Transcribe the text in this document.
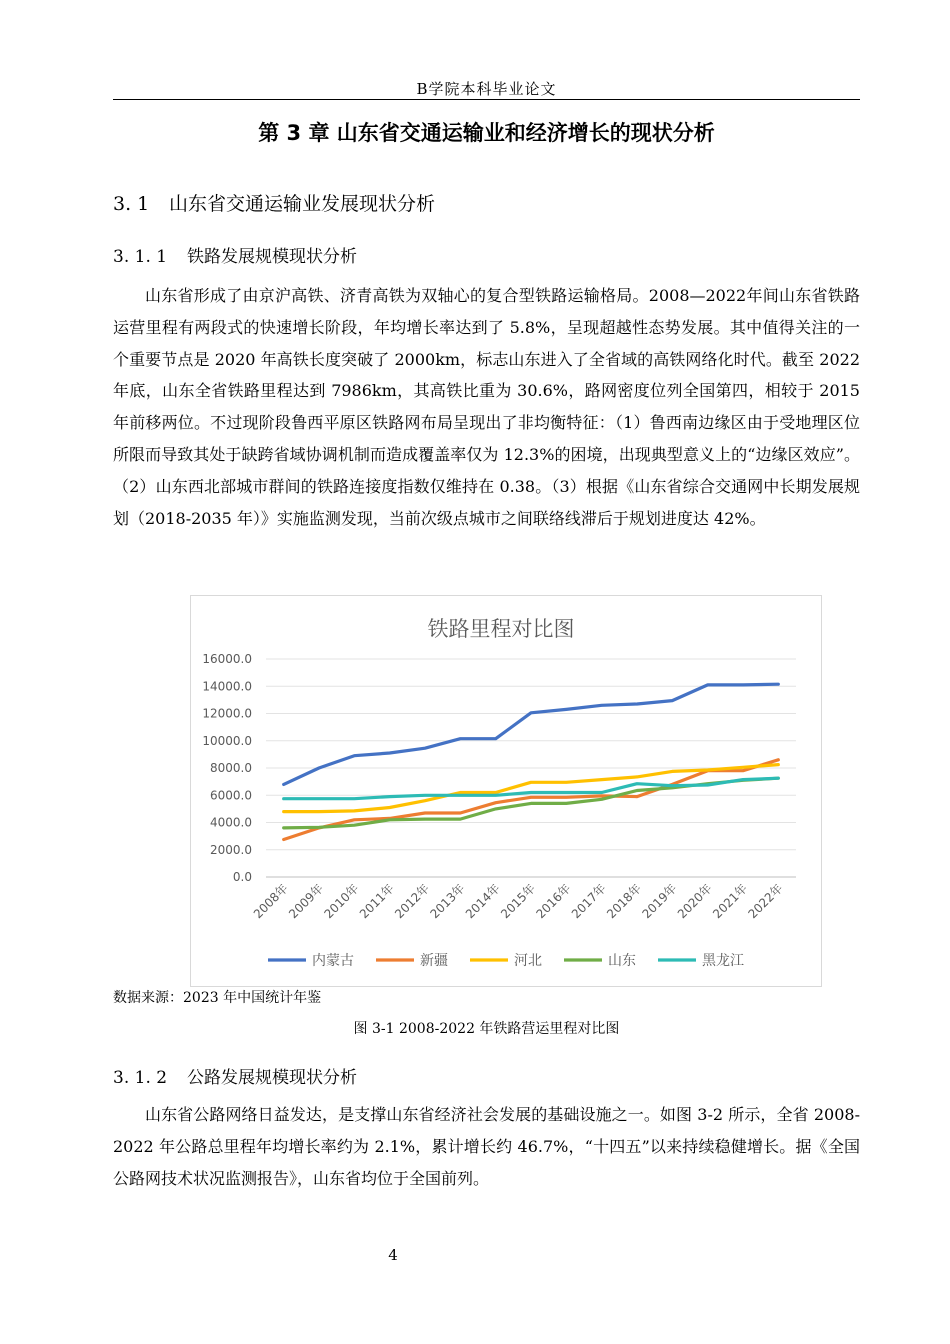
B学院本科毕业论文
第 3 章 山东省交通运输业和经济增长的现状分析
3. 1 山东省交通运输业发展现状分析
3. 1. 1 铁路发展规模现状分析

山东省形成了由京沪高铁、济青高铁为双轴心的复合型铁路运输格局。2008—2022年间山东省铁路运营里程有两段式的快速增长阶段，年均增长率达到了 5.8%，呈现超越性态势发展。其中值得关注的一个重要节点是 2020 年高铁长度突破了 2000km，标志山东进入了全省域的高铁网络化时代。截至 2022 年底，山东全省铁路里程达到 7986km，其高铁比重为 30.6%，路网密度位列全国第四，相较于 2015 年前移两位。不过现阶段鲁西平原区铁路网布局呈现出了非均衡特征：（1）鲁西南边缘区由于受地理区位所限而导致其处于缺跨省域协调机制而造成覆盖率仅为 12.3%的困境，出现典型意义上的“边缘区效应”。（2）山东西北部城市群间的铁路连接度指数仅维持在 0.38。（3）根据《山东省综合交通网中长期发展规划（2018-2035 年）》实施监测发现，当前次级点城市之间联络线滞后于规划进度达 42%。

铁路里程对比图
0.0
2000.0
4000.0
6000.0
8000.0
10000.0
12000.0
14000.0
16000.0
2008年
2009年
2010年
2011年
2012年
2013年
2014年
2015年
2016年
2017年
2018年
2019年
2020年
2021年
2022年
内蒙古	新疆	河北	山东	黑龙江
数据来源：2023 年中国统计年鉴
图 3-1 2008-2022 年铁路营运里程对比图
3. 1. 2 公路发展规模现状分析

山东省公路网络日益发达，是支撑山东省经济社会发展的基础设施之一。如图 3-2 所示，全省 2008-2022 年公路总里程年均增长率约为 2.1%，累计增长约 46.7%，“十四五”以来持续稳健增长。据《全国公路网技术状况监测报告》，山东省均位于全国前列。

4
